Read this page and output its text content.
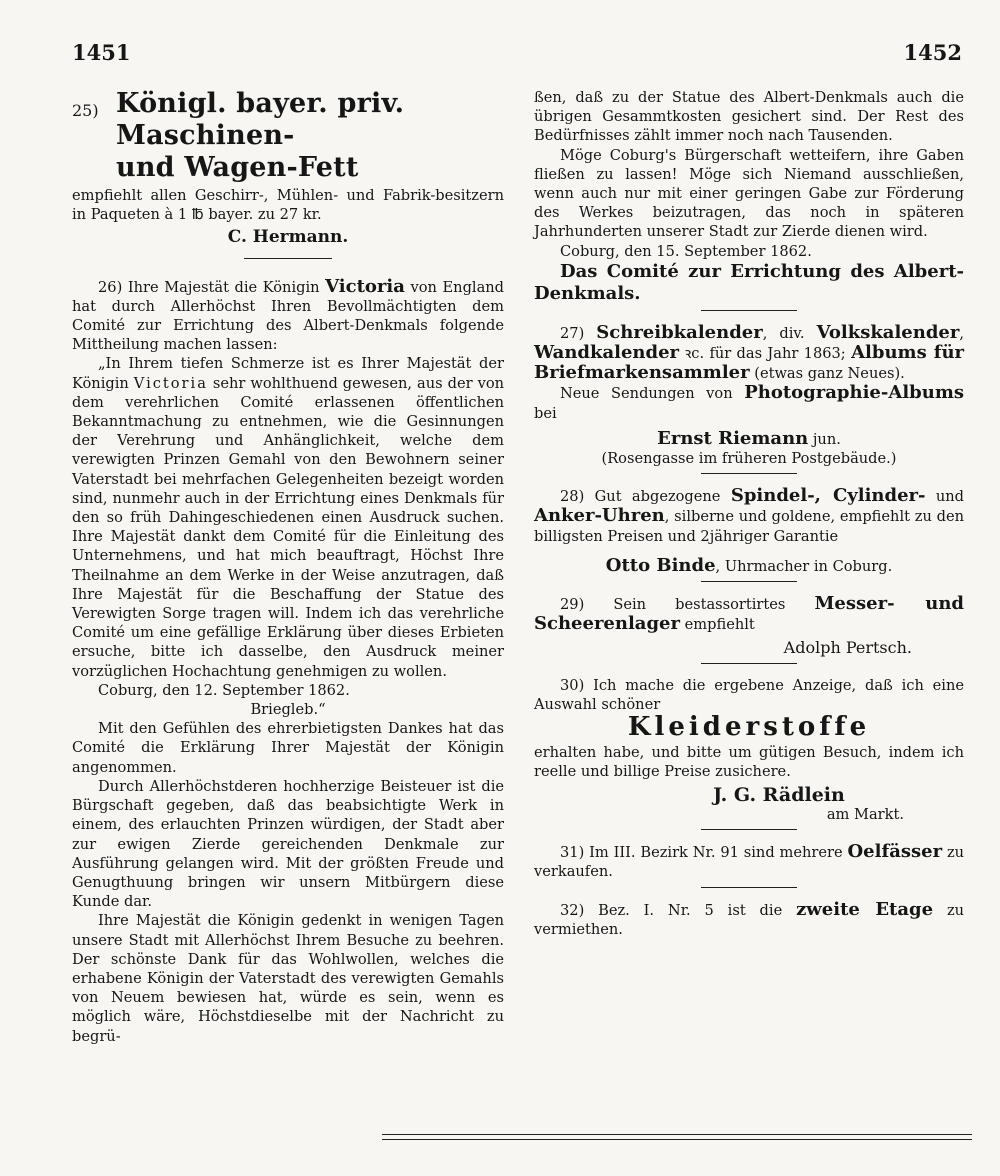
1451	1452
25) Königl. bayer. priv. Maschinen-
und Wagen-Fett

empfiehlt allen Geschirr-, Mühlen- und Fabrik-besitzern in Paqueten à 1 ℔ bayer. zu 27 kr.

C. Hermann.

26) Ihre Majestät die Königin Victoria von England hat durch Allerhöchst Ihren Bevollmächtigten dem Comité zur Errichtung des Albert-Denkmals folgende Mittheilung machen lassen:

„In Ihrem tiefen Schmerze ist es Ihrer Majestät der Königin Victoria sehr wohlthuend gewesen, aus der von dem verehrlichen Comité erlassenen öffentlichen Bekanntmachung zu entnehmen, wie die Gesinnungen der Verehrung und Anhänglichkeit, welche dem verewigten Prinzen Gemahl von den Bewohnern seiner Vaterstadt bei mehrfachen Gelegenheiten bezeigt worden sind, nunmehr auch in der Errichtung eines Denkmals für den so früh Dahingeschiedenen einen Ausdruck suchen. Ihre Majestät dankt dem Comité für die Einleitung des Unternehmens, und hat mich beauftragt, Höchst Ihre Theilnahme an dem Werke in der Weise anzutragen, daß Ihre Majestät für die Beschaffung der Statue des Verewigten Sorge tragen will. Indem ich das verehrliche Comité um eine gefällige Erklärung über dieses Erbieten ersuche, bitte ich dasselbe, den Ausdruck meiner vorzüglichen Hochachtung genehmigen zu wollen.

Coburg, den 12. September 1862.

Briegleb.“

Mit den Gefühlen des ehrerbietigsten Dankes hat das Comité die Erklärung Ihrer Majestät der Königin angenommen.

Durch Allerhöchstderen hochherzige Beisteuer ist die Bürgschaft gegeben, daß das beabsichtigte Werk in einem, des erlauchten Prinzen würdigen, der Stadt aber zur ewigen Zierde gereichenden Denkmale zur Ausführung gelangen wird. Mit der größten Freude und Genugthuung bringen wir unsern Mitbürgern diese Kunde dar.

Ihre Majestät die Königin gedenkt in wenigen Tagen unsere Stadt mit Allerhöchst Ihrem Besuche zu beehren. Der schönste Dank für das Wohlwollen, welches die erhabene Königin der Vaterstadt des verewigten Gemahls von Neuem bewiesen hat, würde es sein, wenn es möglich wäre, Höchstdieselbe mit der Nachricht zu begrü-

ßen, daß zu der Statue des Albert-Denkmals auch die übrigen Gesammtkosten gesichert sind. Der Rest des Bedürfnisses zählt immer noch nach Tausenden.

Möge Coburg's Bürgerschaft wetteifern, ihre Gaben fließen zu lassen! Möge sich Niemand ausschließen, wenn auch nur mit einer geringen Gabe zur Förderung des Werkes beizutragen, das noch in späteren Jahrhunderten unserer Stadt zur Zierde dienen wird.

Coburg, den 15. September 1862.

Das Comité zur Errichtung des Albert-Denkmals.

27) Schreibkalender, div. Volkskalender, Wandkalender ꝛc. für das Jahr 1863; Albums für Briefmarkensammler (etwas ganz Neues).

Neue Sendungen von Photographie-Albums bei

Ernst Riemann jun.

(Rosengasse im früheren Postgebäude.)

28) Gut abgezogene Spindel-, Cylinder- und Anker-Uhren, silberne und goldene, empfiehlt zu den billigsten Preisen und 2jähriger Garantie

Otto Binde, Uhrmacher in Coburg.

29) Sein bestassortirtes Messer- und Scheerenlager empfiehlt

Adolph Pertsch.

30) Ich mache die ergebene Anzeige, daß ich eine Auswahl schöner

Kleiderstoffe

erhalten habe, und bitte um gütigen Besuch, indem ich reelle und billige Preise zusichere.

J. G. Rädlein

am Markt.

31) Im III. Bezirk Nr. 91 sind mehrere Oelfässer zu verkaufen.

32) Bez. I. Nr. 5 ist die zweite Etage zu vermiethen.
